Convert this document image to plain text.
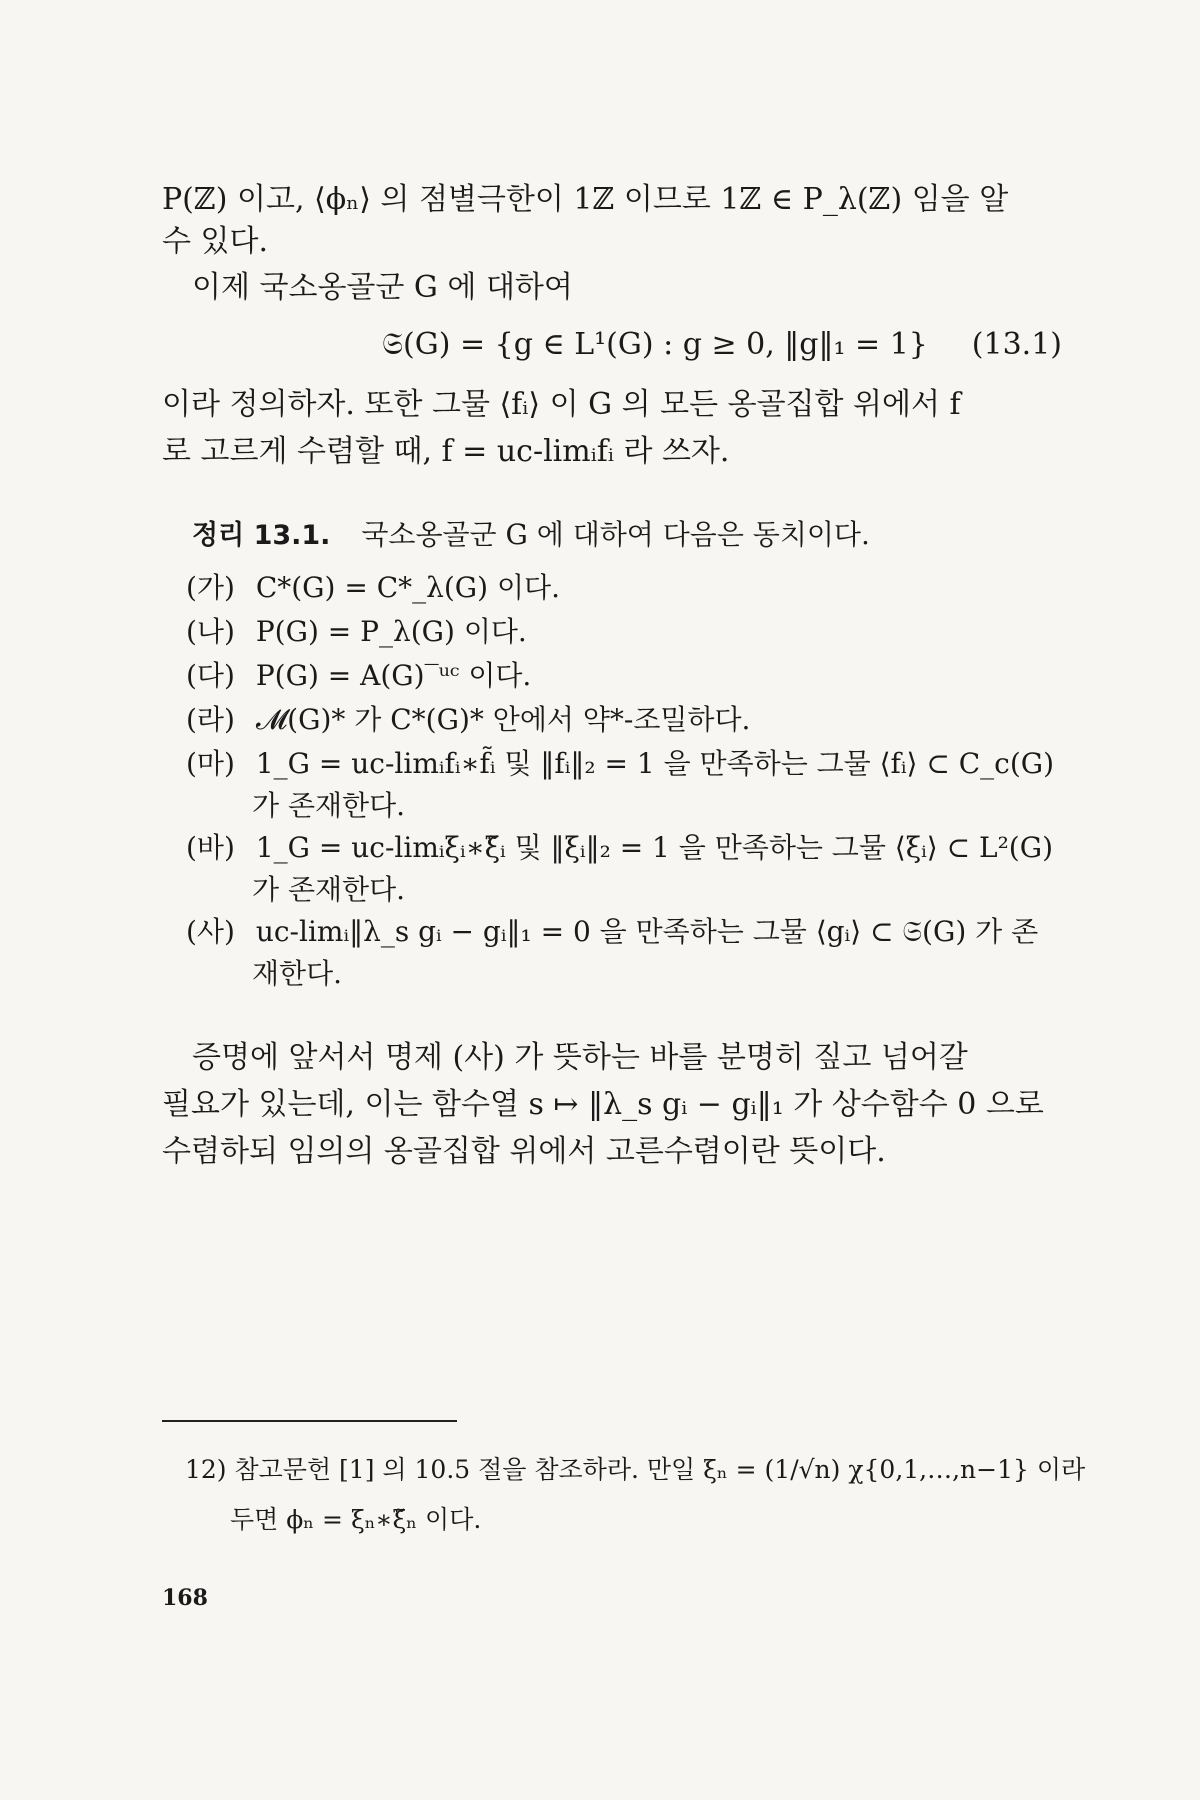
P(ℤ) 이고, ⟨ϕₙ⟩ 의 점별극한이 1ℤ 이므로 1ℤ ∈ P_λ(ℤ) 임을 알
수 있다.
이제 국소옹골군 G 에 대하여
𝔖(G) = {g ∈ L¹(G) : g ≥ 0, ‖g‖₁ = 1} (13.1)
이라 정의하자. 또한 그물 ⟨fᵢ⟩ 이 G 의 모든 옹골집합 위에서 f
로 고르게 수렴할 때, f = uc-limᵢfᵢ 라 쓰자.
정리 13.1. 국소옹골군 G 에 대하여 다음은 동치이다.
(가) C*(G) = C*_λ(G) 이다.
(나) P(G) = P_λ(G) 이다.
(다) P(G) = A(G)‾ᵘᶜ 이다.
(라) 𝓜(G)* 가 C*(G)* 안에서 약*-조밀하다.
(마) 1_G = uc-limᵢfᵢ∗f̃ᵢ 및 ‖fᵢ‖₂ = 1 을 만족하는 그물 ⟨fᵢ⟩ ⊂ C_c(G)
가 존재한다.
(바) 1_G = uc-limᵢξᵢ∗ξ̃ᵢ 및 ‖ξᵢ‖₂ = 1 을 만족하는 그물 ⟨ξᵢ⟩ ⊂ L²(G)
가 존재한다.
(사) uc-limᵢ‖λ_s gᵢ − gᵢ‖₁ = 0 을 만족하는 그물 ⟨gᵢ⟩ ⊂ 𝔖(G) 가 존
재한다.
증명에 앞서서 명제 (사) 가 뜻하는 바를 분명히 짚고 넘어갈
필요가 있는데, 이는 함수열 s ↦ ‖λ_s gᵢ − gᵢ‖₁ 가 상수함수 0 으로
수렴하되 임의의 옹골집합 위에서 고른수렴이란 뜻이다.
12) 참고문헌 [1] 의 10.5 절을 참조하라. 만일 ξₙ = (1/√n) χ{0,1,…,n−1} 이라
두면 ϕₙ = ξₙ∗ξ̃ₙ 이다.
168
